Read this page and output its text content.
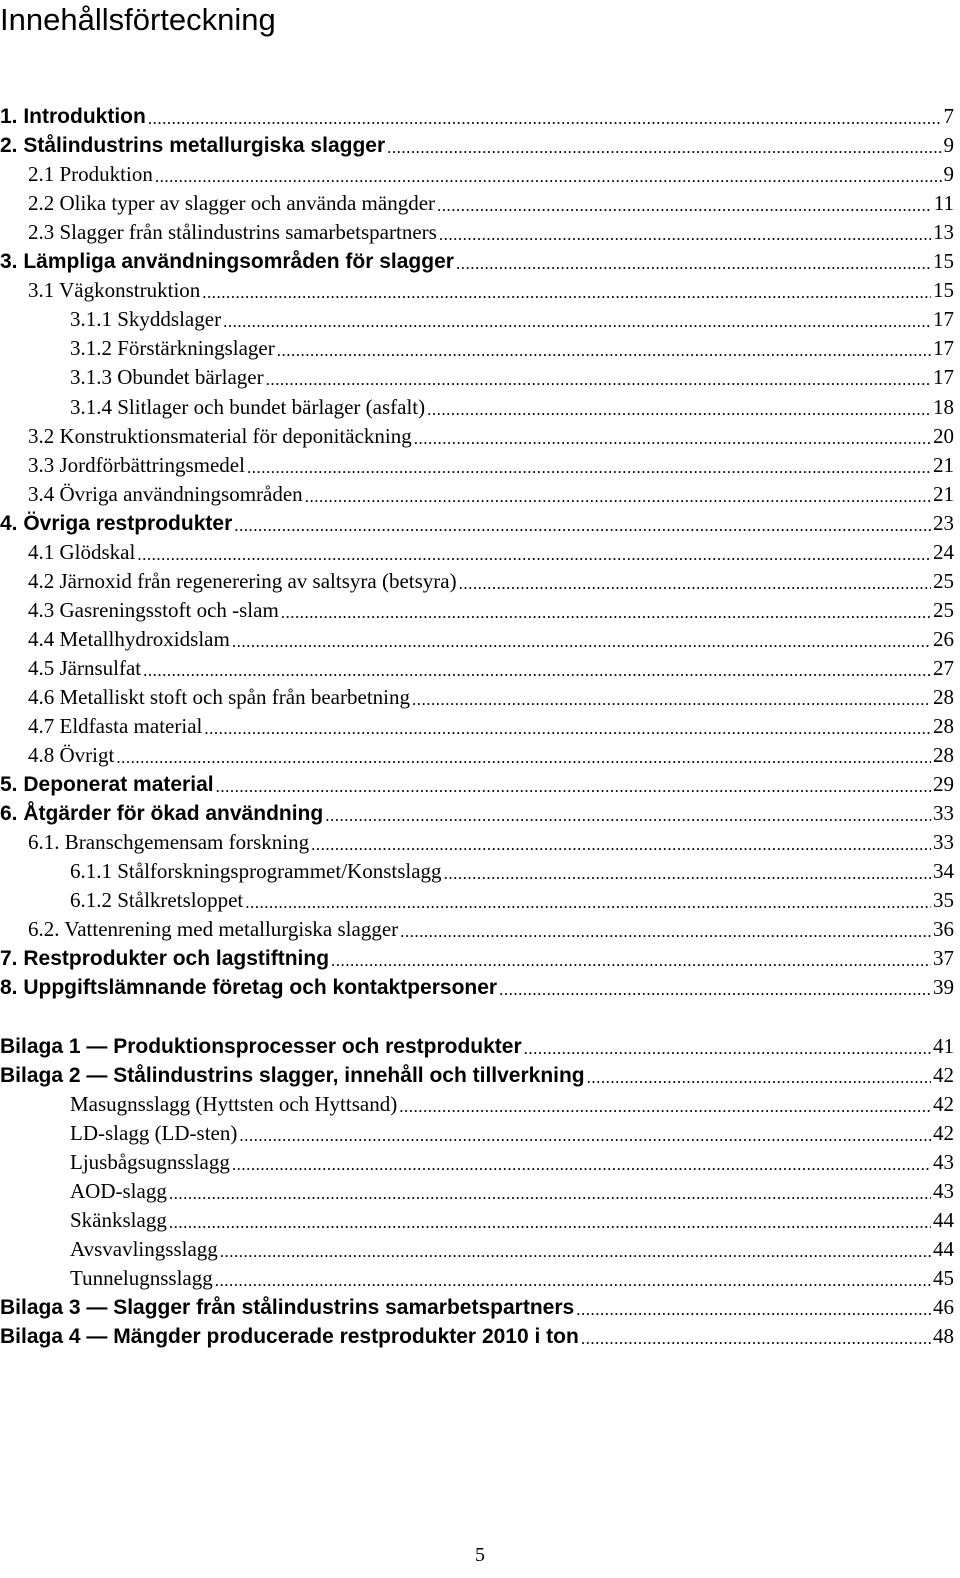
Innehållsförteckning
1. Introduktion .....	7
2. Stålindustrins metallurgiska slagger .....	9
2.1 Produktion .....	9
2.2 Olika typer av slagger och använda mängder .....	11
2.3 Slagger från stålindustrins samarbetspartners .....	13
3. Lämpliga användningsområden för slagger .....	15
3.1 Vägkonstruktion .....	15
3.1.1 Skyddslager .....	17
3.1.2 Förstärkningslager .....	17
3.1.3 Obundet bärlager .....	17
3.1.4 Slitlager och bundet bärlager (asfalt) .....	18
3.2 Konstruktionsmaterial för deponitäckning .....	20
3.3 Jordförbättringsmedel .....	21
3.4 Övriga användningsområden .....	21
4. Övriga restprodukter .....	23
4.1 Glödskal .....	24
4.2 Järnoxid från regenerering av saltsyra (betsyra) .....	25
4.3 Gasreningsstoft och -slam .....	25
4.4 Metallhydroxidslam .....	26
4.5 Järnsulfat .....	27
4.6 Metalliskt stoft och spån från bearbetning .....	28
4.7 Eldfasta material .....	28
4.8 Övrigt .....	28
5. Deponerat material .....	29
6. Åtgärder för ökad användning .....	33
6.1. Branschgemensam forskning .....	33
6.1.1 Stålforskningsprogrammet/Konstslagg .....	34
6.1.2 Stålkretsloppet .....	35
6.2. Vattenrening med metallurgiska slagger .....	36
7. Restprodukter och lagstiftning .....	37
8. Uppgiftslämnande företag och kontaktpersoner .....	39
Bilaga 1 — Produktionsprocesser och restprodukter .....	41
Bilaga 2 — Stålindustrins slagger, innehåll och tillverkning .....	42
Masugnsslagg (Hyttsten och Hyttsand) .....	42
LD-slagg (LD-sten) .....	42
Ljusbågsugnsslagg .....	43
AOD-slagg .....	43
Skänkslagg .....	44
Avsvavlingsslagg .....	44
Tunnelugnsslagg .....	45
Bilaga 3 — Slagger från stålindustrins samarbetspartners .....	46
Bilaga 4 — Mängder producerade restprodukter 2010 i ton .....	48
5
